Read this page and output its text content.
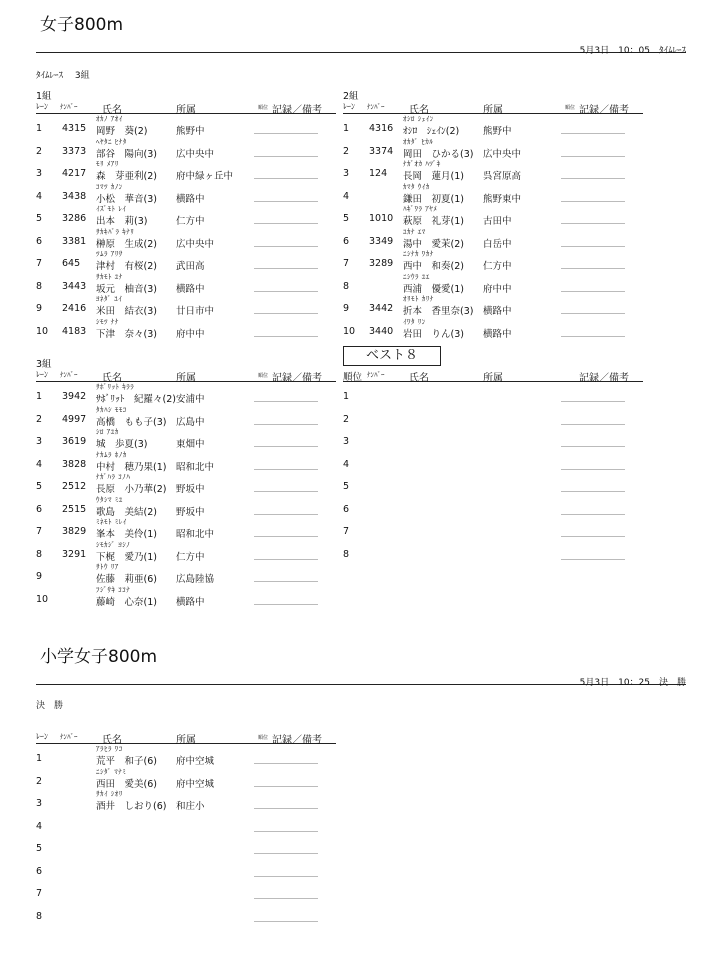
女子800m
5月3日　10：05　ﾀｲﾑﾚｰｽ
ﾀｲﾑﾚｰｽ　 3組
1組
ﾚｰﾝ ﾅﾝﾊﾞｰ 氏名	所属	順位 記録／備考
ｵｶﾉ ｱｵｲ
1 4315 岡野　葵(2)	熊野中
ﾍﾔﾀﾆ ﾋﾅﾀ
2 3373 部谷　陽向(3) 広中央中
ﾓﾘ ﾒｱﾘ
3 4217 森　芽亜利(2) 府中緑ヶ丘中
ｺﾏﾂ ｶﾉﾝ
4 3438 小松　華音(3) 横路中
ｲｽﾞﾓﾄ ﾚｲ
5 3286 出本　莉(3)	仁方中
ｻｶｷﾊﾞﾗ ｷﾅﾘ
6 3381 榊原　生成(2) 広中央中
ﾂﾑﾗ ｱﾘｻ
7 645 津村　有桜(2) 武田高
ｻｶﾓﾄ ﾕﾅ
8 3443 坂元　柚音(3) 横路中
ﾖﾈﾀﾞ ﾕｲ
9 2416 米田　結衣(3) 廿日市中
ｼﾓﾂ ﾅﾅ
10 4183 下津　奈々(3) 府中中
2組
ﾚｰﾝ ﾅﾝﾊﾞｰ 氏名	所属	順位 記録／備考
ｵｼﾛ ｼｪｲﾝ
1 4316 ｵｼﾛ　ｼｪｲﾝ(2)	熊野中
ｵｶﾀﾞ ﾋｶﾙ
2 3374 岡田　ひかる(3) 広中央中
ﾅｶﾞｵｶ ﾊﾂﾞｷ
3 124 長岡　蓮月(1) 呉宮原高
ｶﾏﾀ ｳｲｶ
4	鎌田　初夏(1) 熊野東中
ﾊｷﾞﾜﾗ ｱﾔﾒ
5 1010 萩原　礼芽(1) 古田中
ﾕｶﾅ ｴﾏ
6 3349 湯中　愛茉(2) 白岳中
ﾆｼﾅｶ ﾜｶﾅ
7 3289 西中　和奏(2) 仁方中
ﾆｼｳﾗ ﾕｴ
8	西浦　優愛(1) 府中中
ｵﾘﾓﾄ ｶﾘﾅ
9 3442 折本　香里奈(3) 横路中
ｲﾜﾀ ﾘﾝ
10 3440 岩田　りん(3) 横路中
3組
ﾚｰﾝ ﾅﾝﾊﾞｰ 氏名	所属	順位 記録／備考
ｻﾎﾞﾘｯﾄ ｷﾗﾗ
1 3942 ｻﾎﾞﾘｯﾄ　紀羅々(2) 安浦中
ﾀｶﾊｼ ﾓﾓｺ
2 4997 高橋　もも子(3) 広島中
ｼﾛ ｱﾕｶ
3 3619 城　歩夏(3)	東畑中
ﾅｶﾑﾗ ﾎﾉｶ
4 3828 中村　穂乃果(1) 昭和北中
ﾅｶﾞﾊﾗ ｺﾉﾊ
5 2512 長原　小乃華(2) 野坂中
ｳﾀｼﾏ ﾐﾕ
6 2515 歌島　美結(2) 野坂中
ﾐﾈﾓﾄ ﾐﾚｲ
7 3829 峯本　美伶(1) 昭和北中
ｼﾓｶｼﾞ ﾖｼﾉ
8 3291 下梶　愛乃(1) 仁方中
ｻﾄｳ ﾘｱ
9	佐藤　莉亜(6) 広島陸協
ﾌｼﾞｻｷ ｺｺﾅ
10	藤崎　心奈(1) 横路中
ベスト８
順位 ﾅﾝﾊﾞｰ 氏名	所属	記録／備考
1
2
3
4
5
6
7
8
小学女子800m
5月3日　10：25　決　勝
決　勝
ﾚｰﾝ ﾅﾝﾊﾞｰ 氏名	所属	順位 記録／備考
ｱﾗﾋﾗ ﾜｺ
1	荒平　和子(6) 府中空城
ﾆｼﾀﾞ ﾏﾅﾐ
2	西田　愛美(6) 府中空城
ｻｶｲ ｼｵﾘ
3	酒井　しおり(6) 和庄小
4
5
6
7
8
